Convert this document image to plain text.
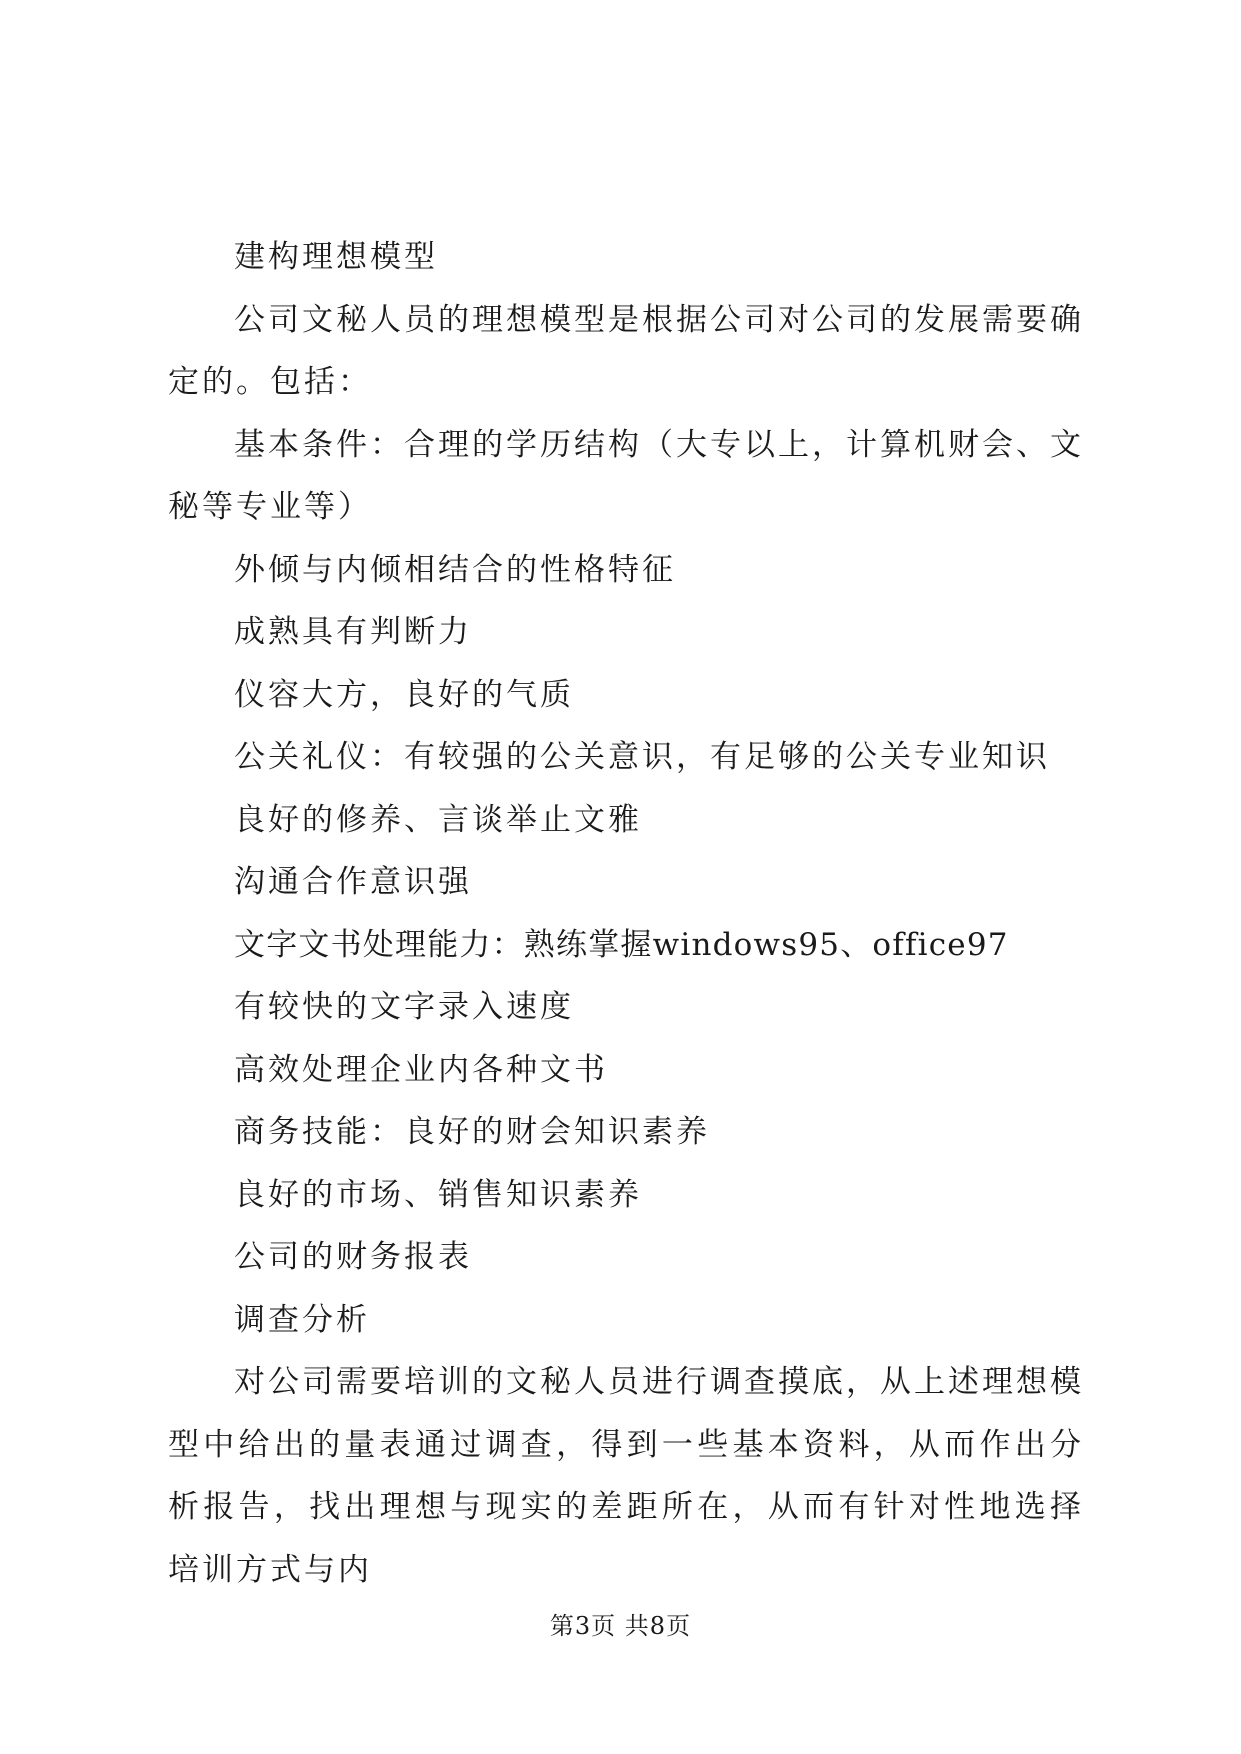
建构理想模型

公司文秘人员的理想模型是根据公司对公司的发展需要确定的。包括：

基本条件：合理的学历结构（大专以上，计算机财会、文秘等专业等）

外倾与内倾相结合的性格特征

成熟具有判断力

仪容大方，良好的气质

公关礼仪：有较强的公关意识，有足够的公关专业知识

良好的修养、言谈举止文雅

沟通合作意识强

文字文书处理能力：熟练掌握windows95、office97

有较快的文字录入速度

高效处理企业内各种文书

商务技能：良好的财会知识素养

良好的市场、销售知识素养

公司的财务报表

调查分析

对公司需要培训的文秘人员进行调查摸底，从上述理想模型中给出的量表通过调查，得到一些基本资料，从而作出分析报告，找出理想与现实的差距所在，从而有针对性地选择培训方式与内

第3页 共8页
